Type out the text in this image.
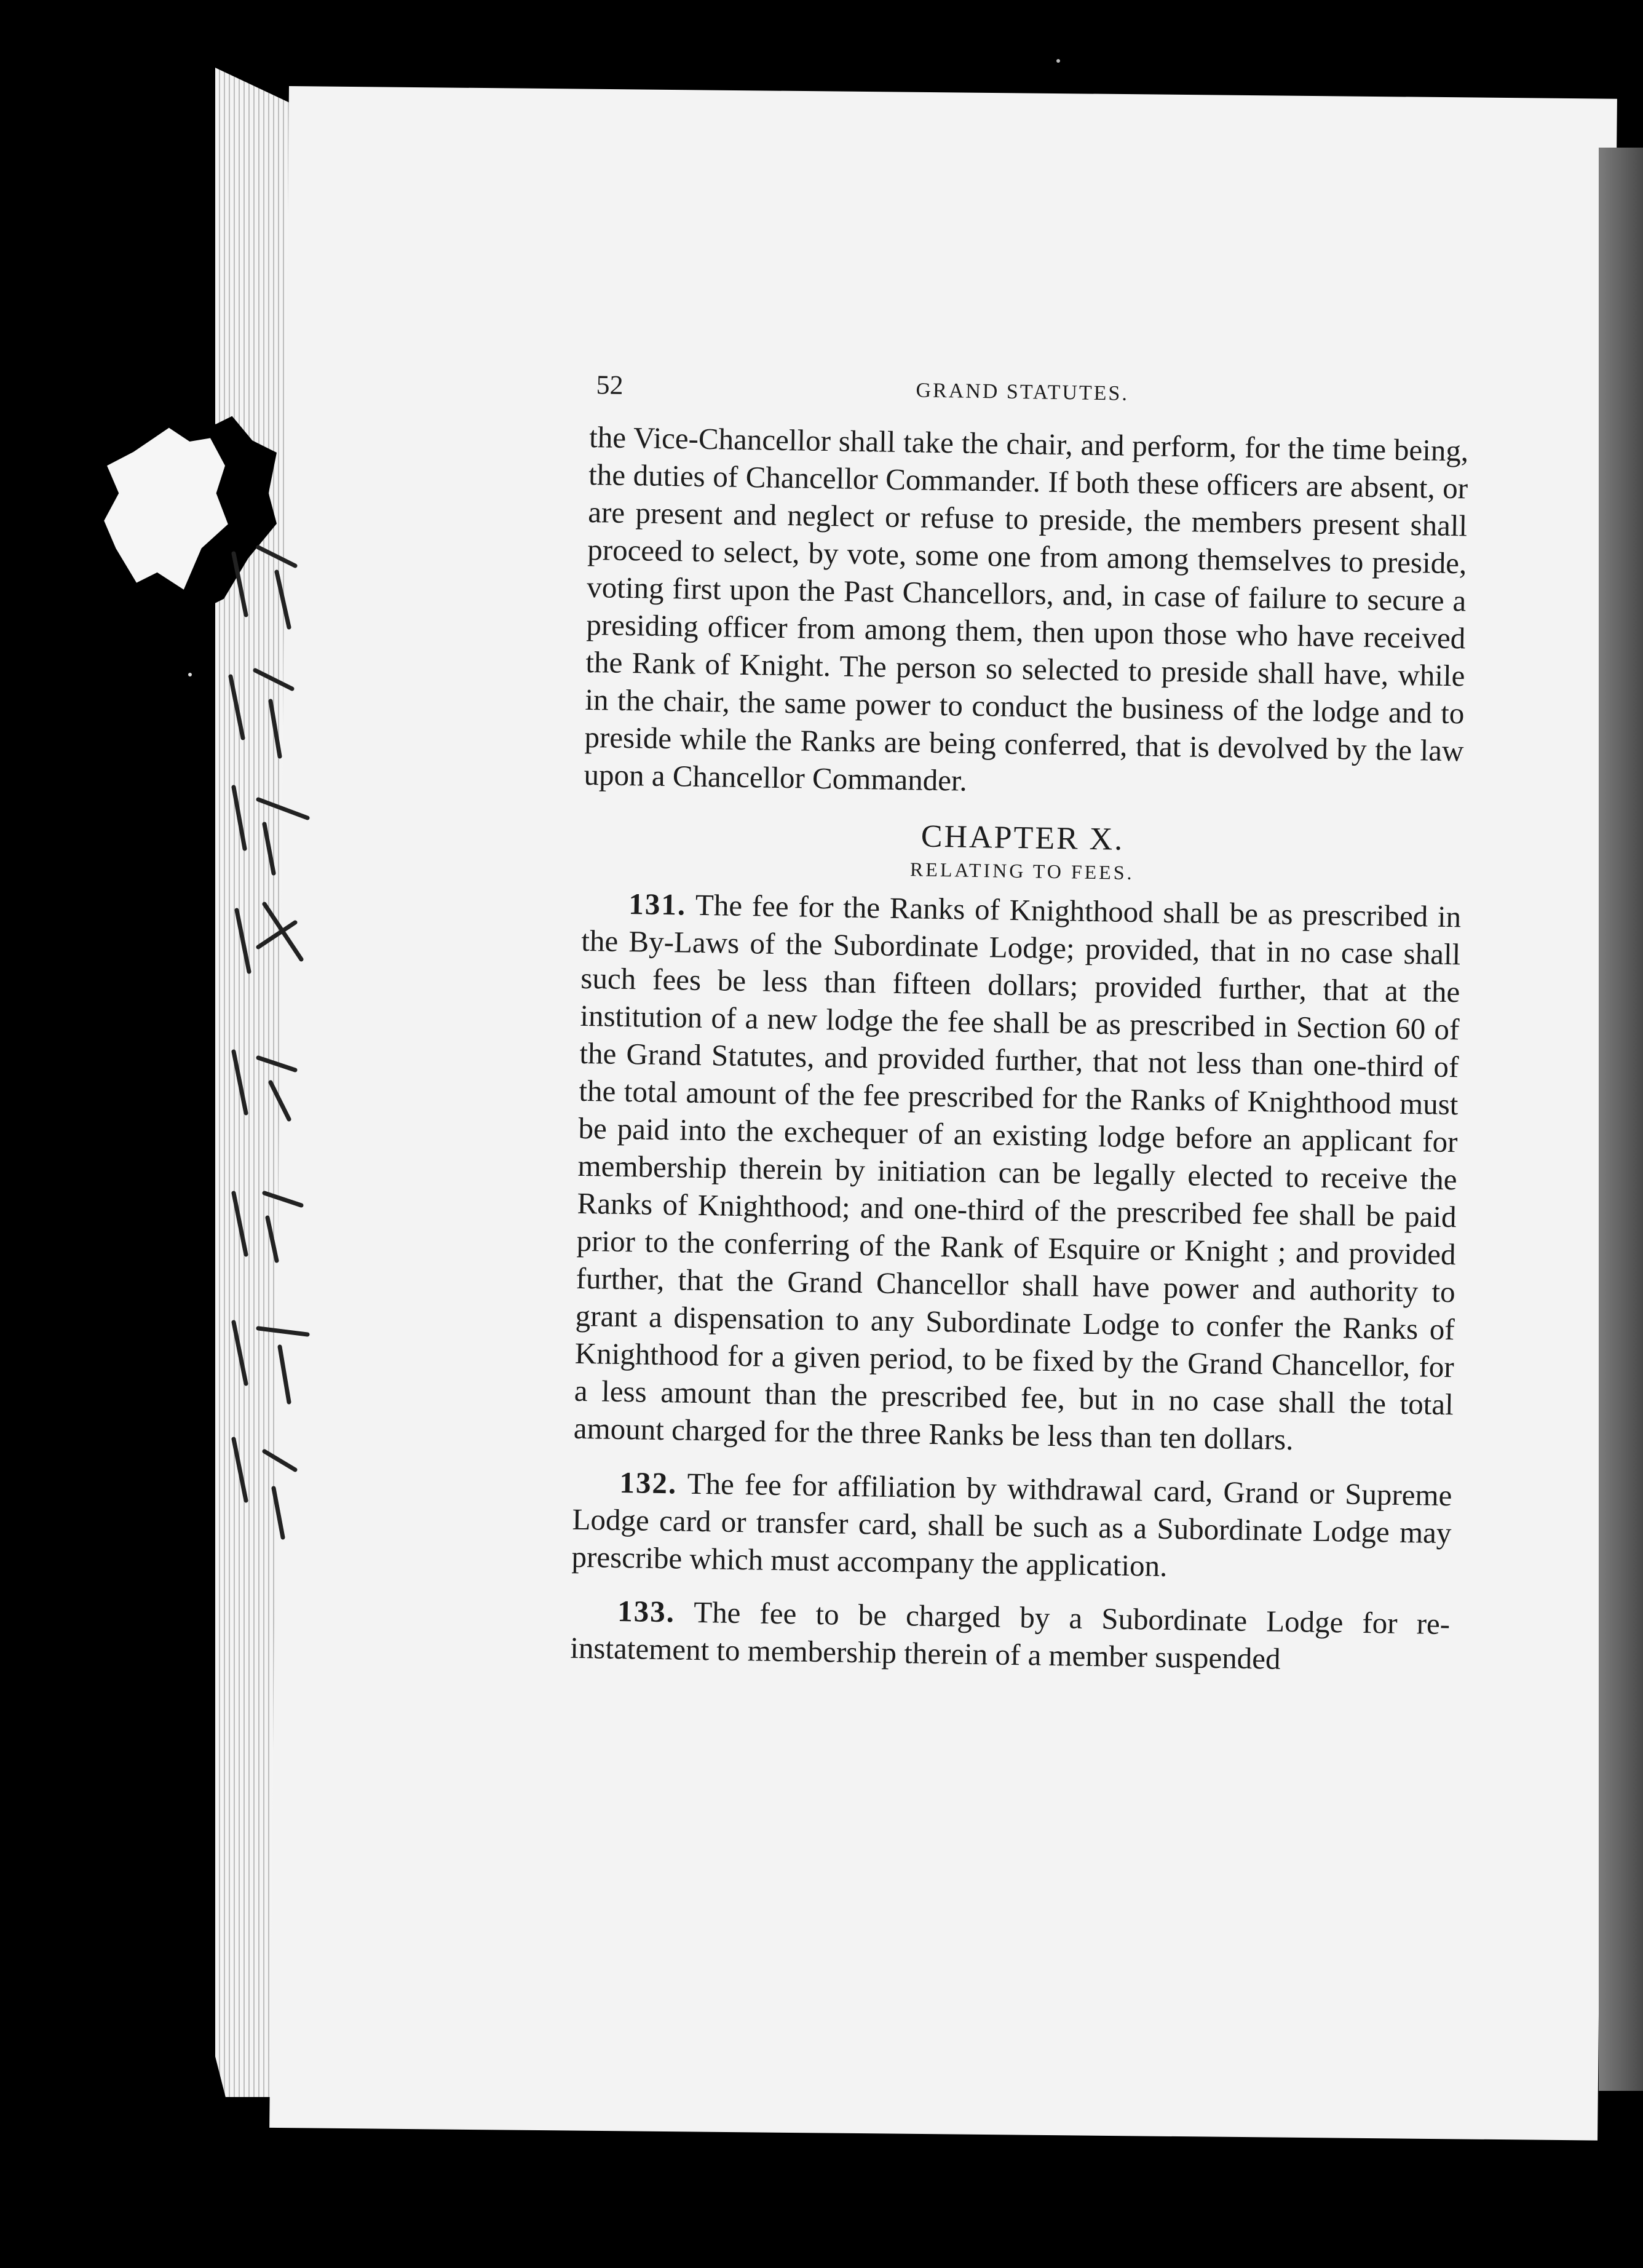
52	GRAND STATUTES.

the Vice-Chancellor shall take the chair, and perform, for the time being, the duties of Chancellor Commander. If both these officers are absent, or are present and neglect or refuse to preside, the members present shall proceed to select, by vote, some one from among themselves to preside, voting first upon the Past Chancellors, and, in case of failure to secure a presiding officer from among them, then upon those who have received the Rank of Knight. The person so selected to preside shall have, while in the chair, the same power to conduct the business of the lodge and to preside while the Ranks are being conferred, that is devolved by the law upon a Chancellor Commander.

CHAPTER X.
RELATING TO FEES.

131. The fee for the Ranks of Knighthood shall be as prescribed in the By-Laws of the Subordinate Lodge; provided, that in no case shall such fees be less than fifteen dollars; provided further, that at the institution of a new lodge the fee shall be as prescribed in Section 60 of the Grand Statutes, and provided further, that not less than one-third of the total amount of the fee prescribed for the Ranks of Knighthood must be paid into the exchequer of an existing lodge before an applicant for membership therein by initiation can be legally elected to receive the Ranks of Knighthood; and one-third of the prescribed fee shall be paid prior to the conferring of the Rank of Esquire or Knight ; and provided further, that the Grand Chancellor shall have power and authority to grant a dispensation to any Subordinate Lodge to confer the Ranks of Knighthood for a given period, to be fixed by the Grand Chancellor, for a less amount than the prescribed fee, but in no case shall the total amount charged for the three Ranks be less than ten dollars.

132. The fee for affiliation by withdrawal card, Grand or Supreme Lodge card or transfer card, shall be such as a Subordinate Lodge may prescribe which must accompany the application.

133. The fee to be charged by a Subordinate Lodge for re-instatement to membership therein of a member suspended
